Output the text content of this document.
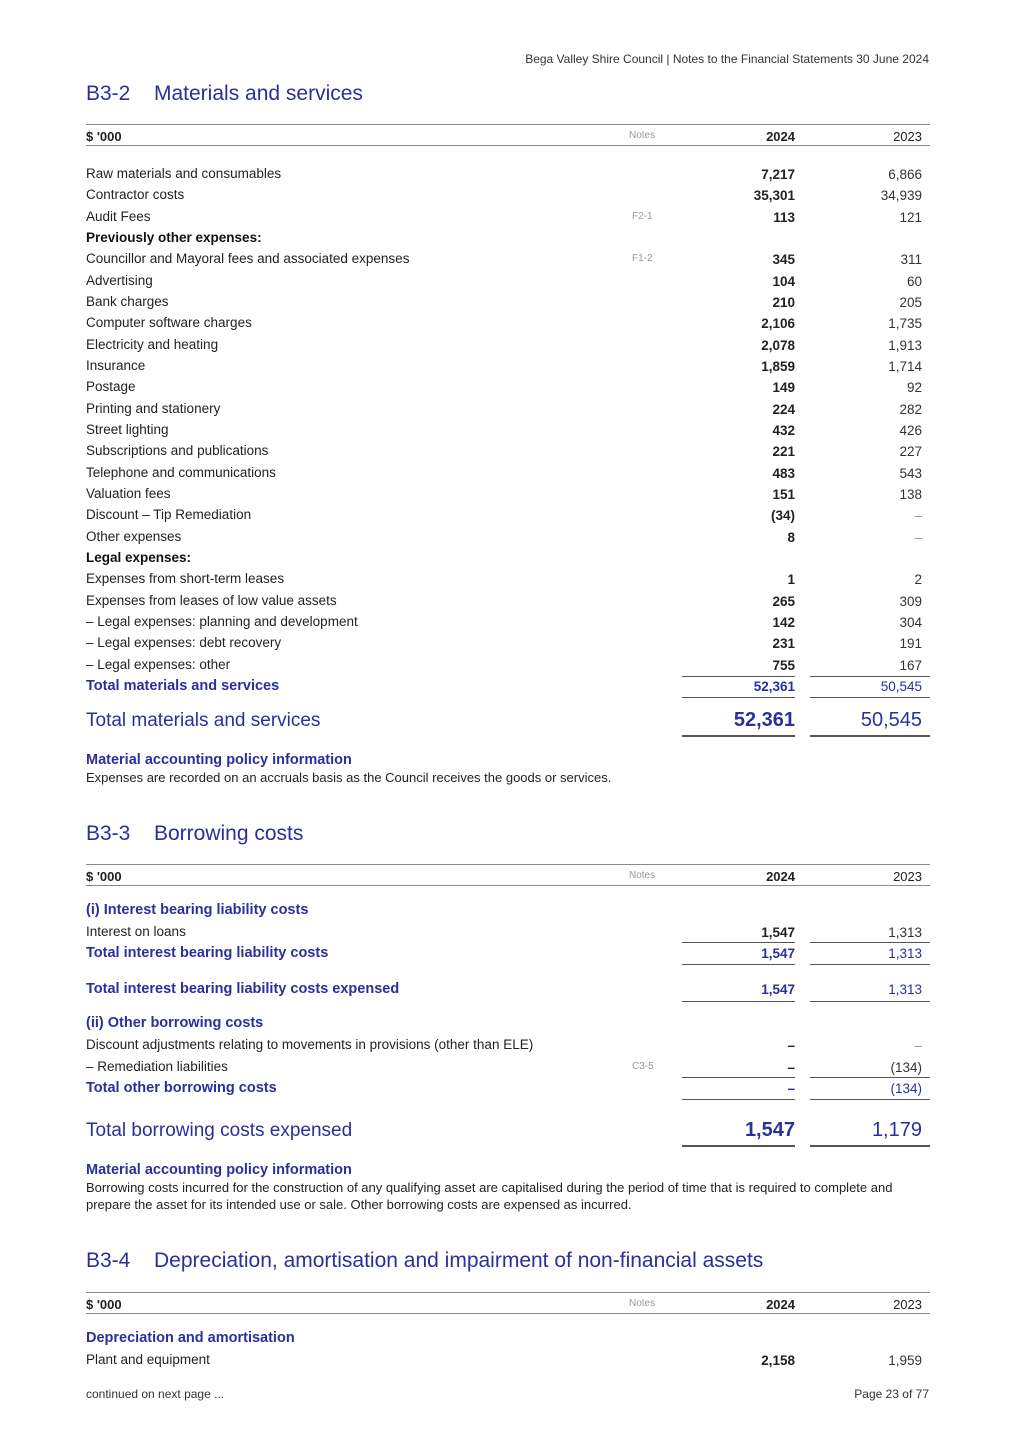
Bega Valley Shire Council | Notes to the Financial Statements 30 June 2024
B3-2 Materials and services
$ '000	Notes	2024	2023
Raw materials and consumables	7,217	6,866
Contractor costs	35,301	34,939
Audit Fees	F2-1	113	121
Previously other expenses:
Councillor and Mayoral fees and associated expenses	F1-2	345	311
Advertising	104	60
Bank charges	210	205
Computer software charges	2,106	1,735
Electricity and heating	2,078	1,913
Insurance	1,859	1,714
Postage	149	92
Printing and stationery	224	282
Street lighting	432	426
Subscriptions and publications	221	227
Telephone and communications	483	543
Valuation fees	151	138
Discount – Tip Remediation	(34)	–
Other expenses	8	–
Legal expenses:
Expenses from short-term leases	1	2
Expenses from leases of low value assets	265	309
– Legal expenses: planning and development	142	304
– Legal expenses: debt recovery	231	191
– Legal expenses: other	755	167
Total materials and services	52,361	50,545
Total materials and services	52,361	50,545
Material accounting policy information
Expenses are recorded on an accruals basis as the Council receives the goods or services.
B3-3 Borrowing costs
$ '000	Notes	2024	2023
(i) Interest bearing liability costs
Interest on loans	1,547	1,313
Total interest bearing liability costs	1,547	1,313
Total interest bearing liability costs expensed	1,547	1,313
(ii) Other borrowing costs
Discount adjustments relating to movements in provisions (other than ELE)	–	–
– Remediation liabilities	C3-5	–	(134)
Total other borrowing costs	–	(134)
Total borrowing costs expensed	1,547	1,179
Material accounting policy information
Borrowing costs incurred for the construction of any qualifying asset are capitalised during the period of time that is required to complete and prepare the asset for its intended use or sale. Other borrowing costs are expensed as incurred.
B3-4 Depreciation, amortisation and impairment of non-financial assets
$ '000	Notes	2024	2023
Depreciation and amortisation
Plant and equipment	2,158	1,959
continued on next page ...	Page 23 of 77
